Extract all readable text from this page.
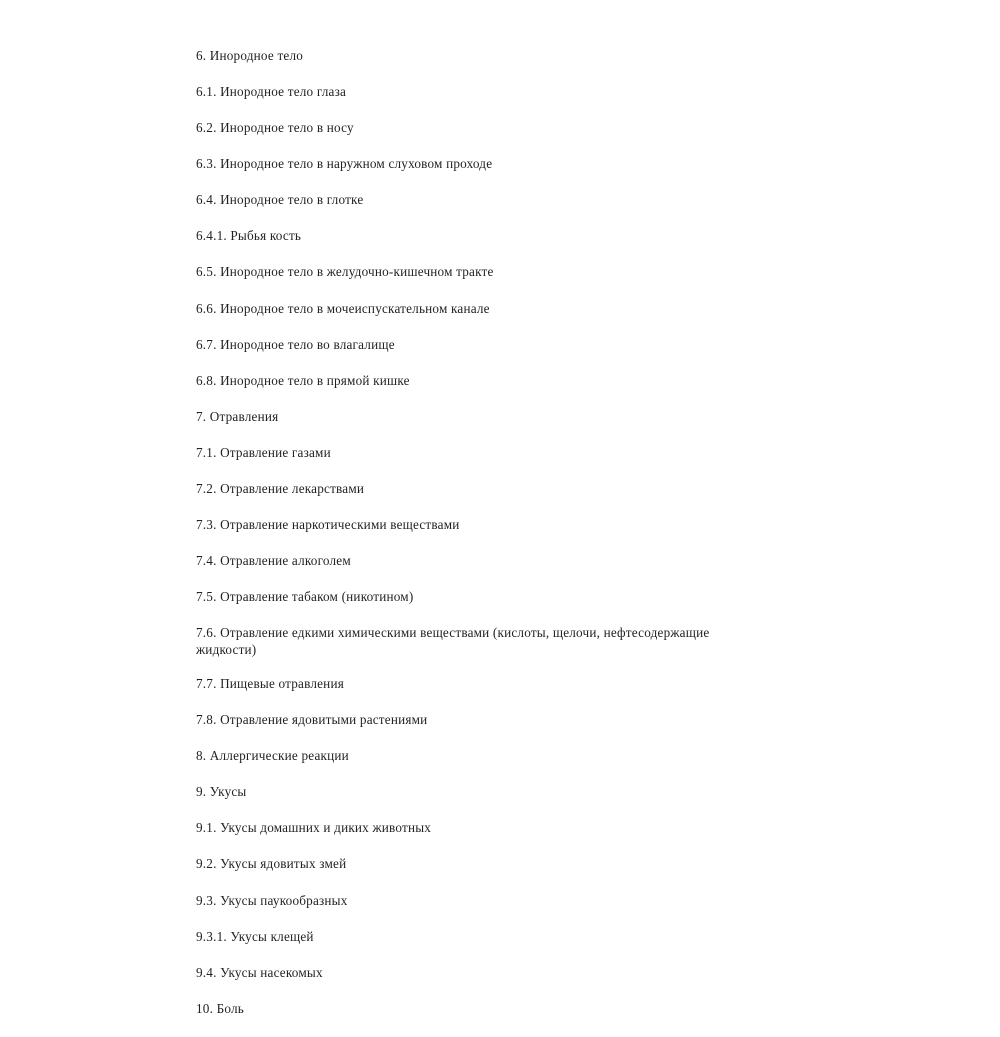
6. Инородное тело

6.1. Инородное тело глаза

6.2. Инородное тело в носу

6.3. Инородное тело в наружном слуховом проходе

6.4. Инородное тело в глотке

6.4.1. Рыбья кость

6.5. Инородное тело в желудочно-кишечном тракте

6.6. Инородное тело в мочеиспускательном канале

6.7. Инородное тело во влагалище

6.8. Инородное тело в прямой кишке

7. Отравления

7.1. Отравление газами

7.2. Отравление лекарствами

7.3. Отравление наркотическими веществами

7.4. Отравление алкоголем

7.5. Отравление табаком (никотином)

7.6. Отравление едкими химическими веществами (кислоты, щелочи, нефтесодержащие жидкости)

7.7. Пищевые отравления

7.8. Отравление ядовитыми растениями

8. Аллергические реакции

9. Укусы

9.1. Укусы домашних и диких животных

9.2. Укусы ядовитых змей

9.3. Укусы паукообразных

9.3.1. Укусы клещей

9.4. Укусы насекомых

10. Боль
